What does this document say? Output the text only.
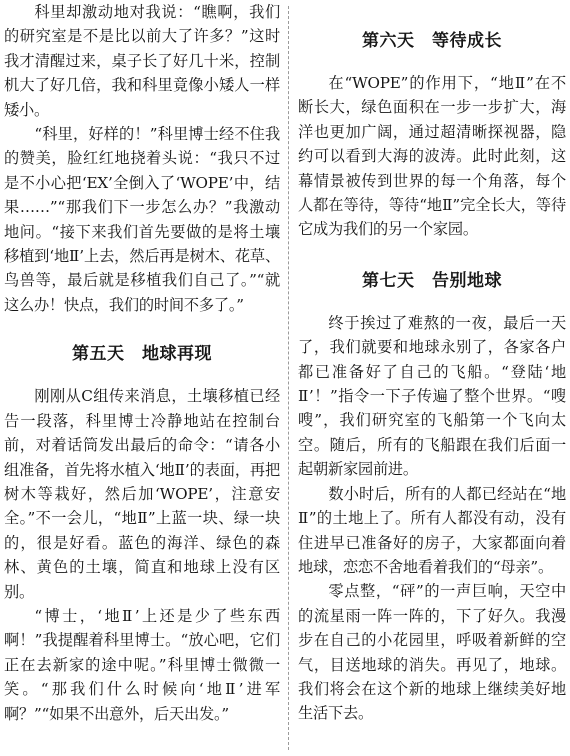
科里却激动地对我说：“瞧啊，我们的研究室是不是比以前大了许多？”这时我才清醒过来，桌子长了好几十米，控制机大了好几倍，我和科里竟像小矮人一样矮小。

“科里，好样的！”科里博士经不住我的赞美，脸红红地挠着头说：“我只不过是不小心把‘EX’全倒入了‘WOPE’中，结果……”“那我们下一步怎么办？”我激动地问。“接下来我们首先要做的是将土壤移植到‘地Ⅱ’上去，然后再是树木、花草、鸟兽等，最后就是移植我们自己了。”“就这么办！快点，我们的时间不多了。”

第五天　地球再现

刚刚从C组传来消息，土壤移植已经告一段落，科里博士冷静地站在控制台前，对着话筒发出最后的命令：“请各小组准备，首先将水植入‘地Ⅱ’的表面，再把树木等栽好，然后加‘WOPE’，注意安全。”不一会儿，“地Ⅱ”上蓝一块、绿一块的，很是好看。蓝色的海洋、绿色的森林、黄色的土壤，简直和地球上没有区别。

“博士，‘地Ⅱ’上还是少了些东西啊！”我提醒着科里博士。“放心吧，它们正在去新家的途中呢。”科里博士微微一笑。“那我们什么时候向‘地Ⅱ’进军啊？”“如果不出意外，后天出发。”

第六天　等待成长

在“WOPE”的作用下，“地Ⅱ”在不断长大，绿色面积在一步一步扩大，海洋也更加广阔，通过超清晰探视器，隐约可以看到大海的波涛。此时此刻，这幕情景被传到世界的每一个角落，每个人都在等待，等待“地Ⅱ”完全长大，等待它成为我们的另一个家园。

第七天　告别地球

终于挨过了难熬的一夜，最后一天了，我们就要和地球永别了，各家各户都已准备好了自己的飞船。“登陆‘地Ⅱ’！”指令一下子传遍了整个世界。“嗖嗖”，我们研究室的飞船第一个飞向太空。随后，所有的飞船跟在我们后面一起朝新家园前进。

数小时后，所有的人都已经站在“地Ⅱ”的土地上了。所有人都没有动，没有住进早已准备好的房子，大家都面向着地球，恋恋不舍地看着我们的“母亲”。

零点整，“砰”的一声巨响，天空中的流星雨一阵一阵的，下了好久。我漫步在自己的小花园里，呼吸着新鲜的空气，目送地球的消失。再见了，地球。我们将会在这个新的地球上继续美好地生活下去。
